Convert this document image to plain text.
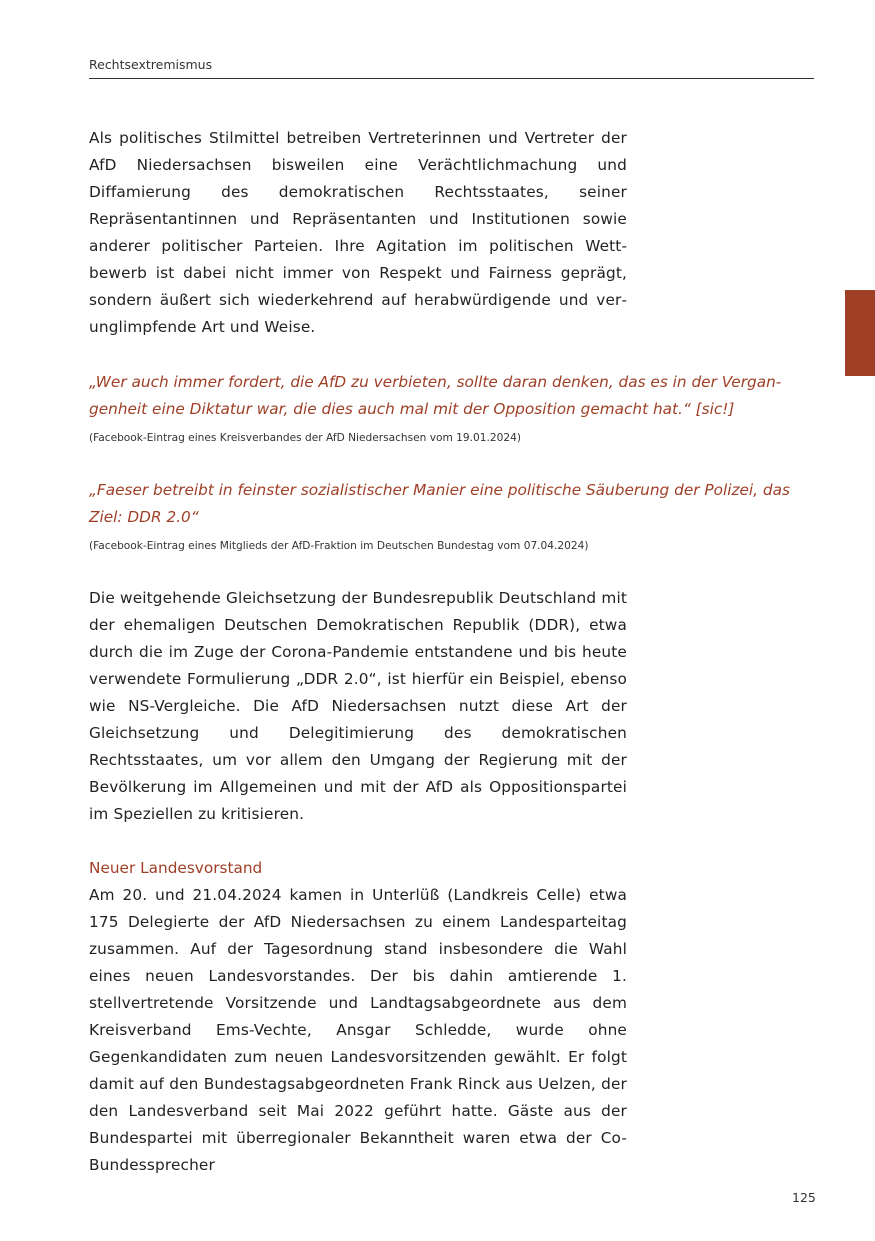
Rechtsextremismus

Als politisches Stilmittel betreiben Vertreterinnen und Vertreter der AfD Niedersachsen bisweilen eine Verächtlichmachung und Diffamierung des demokratischen Rechtsstaates, seiner Repräsentantinnen und Repräsentanten und Institutionen sowie anderer politischer Parteien. Ihre Agitation im politischen Wettbewerb ist dabei nicht immer von Respekt und Fairness geprägt, sondern äußert sich wiederkehrend auf herabwürdigende und verunglimpfende Art und Weise.

„Wer auch immer fordert, die AfD zu verbieten, sollte daran denken, das es in der Vergangenheit eine Diktatur war, die dies auch mal mit der Opposition gemacht hat.“ [sic!]

(Facebook-Eintrag eines Kreisverbandes der AfD Niedersachsen vom 19.01.2024)

„Faeser betreibt in feinster sozialistischer Manier eine politische Säuberung der Polizei, das Ziel: DDR 2.0“

(Facebook-Eintrag eines Mitglieds der AfD-Fraktion im Deutschen Bundestag vom 07.04.2024)

Die weitgehende Gleichsetzung der Bundesrepublik Deutschland mit der ehemaligen Deutschen Demokratischen Republik (DDR), etwa durch die im Zuge der Corona-Pandemie entstandene und bis heute verwendete Formulierung „DDR 2.0“, ist hierfür ein Beispiel, ebenso wie NS-Vergleiche. Die AfD Niedersachsen nutzt diese Art der Gleichsetzung und Delegitimierung des demokratischen Rechtsstaates, um vor allem den Umgang der Regierung mit der Bevölkerung im Allgemeinen und mit der AfD als Oppositionspartei im Speziellen zu kritisieren.

Neuer Landesvorstand

Am 20. und 21.04.2024 kamen in Unterlüß (Landkreis Celle) etwa 175 Delegierte der AfD Niedersachsen zu einem Landesparteitag zusammen. Auf der Tagesordnung stand insbesondere die Wahl eines neuen Landesvorstandes. Der bis dahin amtierende 1. stellvertretende Vorsitzende und Landtagsabgeordnete aus dem Kreisverband Ems-Vechte, Ansgar Schledde, wurde ohne Gegenkandidaten zum neuen Landesvorsitzenden gewählt. Er folgt damit auf den Bundestagsabgeordneten Frank Rinck aus Uelzen, der den Landesverband seit Mai 2022 geführt hatte. Gäste aus der Bundespartei mit überregionaler Bekanntheit waren etwa der Co-Bundessprecher

125
